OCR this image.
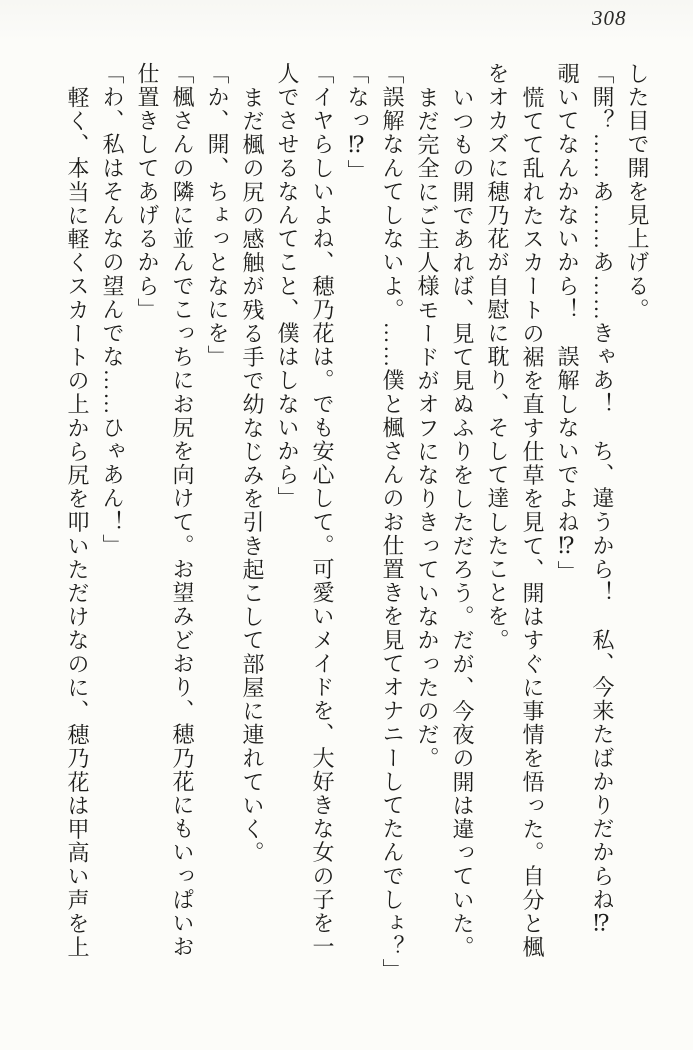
308
した目で開を見上げる。
「開？……あ……あ……きゃあ！　ち、違うから！　私、今来たばかりだからね⁉
覗いてなんかないから！　誤解しないでよね⁉」
慌てて乱れたスカートの裾を直す仕草を見て、開はすぐに事情を悟った。自分と楓
をオカズに穂乃花が自慰に耽り、そして達したことを。
いつもの開であれば、見て見ぬふりをしただろう。だが、今夜の開は違っていた。
まだ完全にご主人様モードがオフになりきっていなかったのだ。
「誤解なんてしないよ。……僕と楓さんのお仕置きを見てオナニーしてたんでしょ？」
「なっ⁉」
「イヤらしいよね、穂乃花は。でも安心して。可愛いメイドを、大好きな女の子を一
人でさせるなんてこと、僕はしないから」
まだ楓の尻の感触が残る手で幼なじみを引き起こして部屋に連れていく。
「か、開、ちょっとなにを」
「楓さんの隣に並んでこっちにお尻を向けて。お望みどおり、穂乃花にもいっぱいお
仕置きしてあげるから」
「わ、私はそんなの望んでな……ひゃあん！」
軽く、本当に軽くスカートの上から尻を叩いただけなのに、穂乃花は甲高い声を上
